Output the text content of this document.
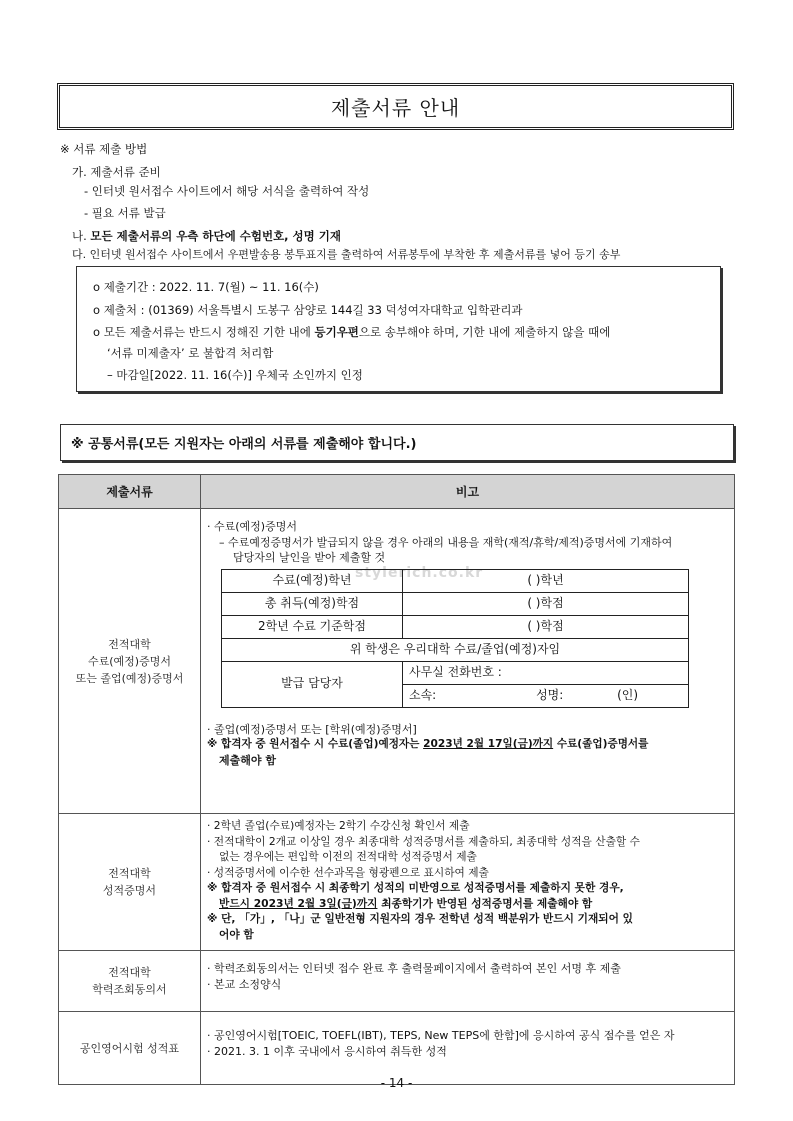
제출서류 안내
※ 서류 제출 방법
가. 제출서류 준비
- 인터넷 원서접수 사이트에서 해당 서식을 출력하여 작성
- 필요 서류 발급
나. 모든 제출서류의 우측 하단에 수험번호, 성명 기재
다. 인터넷 원서접수 사이트에서 우편발송용 봉투표지를 출력하여 서류봉투에 부착한 후 제출서류를 넣어 등기 송부
o 제출기간 : 2022. 11. 7(월) ~ 11. 16(수)
o 제출처 : (01369) 서울특별시 도봉구 삼양로 144길 33 덕성여자대학교 입학관리과
o 모든 제출서류는 반드시 정해진 기한 내에 등기우편으로 송부해야 하며, 기한 내에 제출하지 않을 때에
‘서류 미제출자’ 로 불합격 처리함
– 마감일[2022. 11. 16(수)] 우체국 소인까지 인정
※ 공통서류(모든 지원자는 아래의 서류를 제출해야 합니다.)
stylerich.co.kr
제출서류	비고

전적대학
수료(예정)증명서
또는 졸업(예정)증명서

· 수료(예정)증명서
– 수료예정증명서가 발급되지 않을 경우 아래의 내용을 재학(재적/휴학/제적)증명서에 기재하여
담당자의 날인을 받아 제출할 것
수료(예정)학년	( )학년
총 취득(예정)학점	( )학점
2학년 수료 기준학점	( )학점
위 학생은 우리대학 수료/졸업(예정)자임
발급 담당자	사무실 전화번호 :
소속:	성명:	(인)
· 졸업(예정)증명서 또는 [학위(예정)증명서]
※ 합격자 중 원서접수 시 수료(졸업)예정자는 2023년 2월 17일(금)까지 수료(졸업)증명서를
제출해야 함

전적대학
성적증명서

· 2학년 졸업(수료)예정자는 2학기 수강신청 확인서 제출
· 전적대학이 2개교 이상일 경우 최종대학 성적증명서를 제출하되, 최종대학 성적을 산출할 수
없는 경우에는 편입학 이전의 전적대학 성적증명서 제출
· 성적증명서에 이수한 선수과목을 형광펜으로 표시하여 제출
※ 합격자 중 원서접수 시 최종학기 성적의 미반영으로 성적증명서를 제출하지 못한 경우,
반드시 2023년 2월 3일(금)까지 최종학기가 반영된 성적증명서를 제출해야 함
※ 단, 「가」, 「나」군 일반전형 지원자의 경우 전학년 성적 백분위가 반드시 기재되어 있
어야 함

전적대학
학력조회동의서

· 학력조회동의서는 인터넷 접수 완료 후 출력물페이지에서 출력하여 본인 서명 후 제출
· 본교 소정양식

공인영어시험 성적표

· 공인영어시험[TOEIC, TOEFL(IBT), TEPS, New TEPS에 한함]에 응시하여 공식 점수를 얻은 자
· 2021. 3. 1 이후 국내에서 응시하여 취득한 성적
- 14 -
